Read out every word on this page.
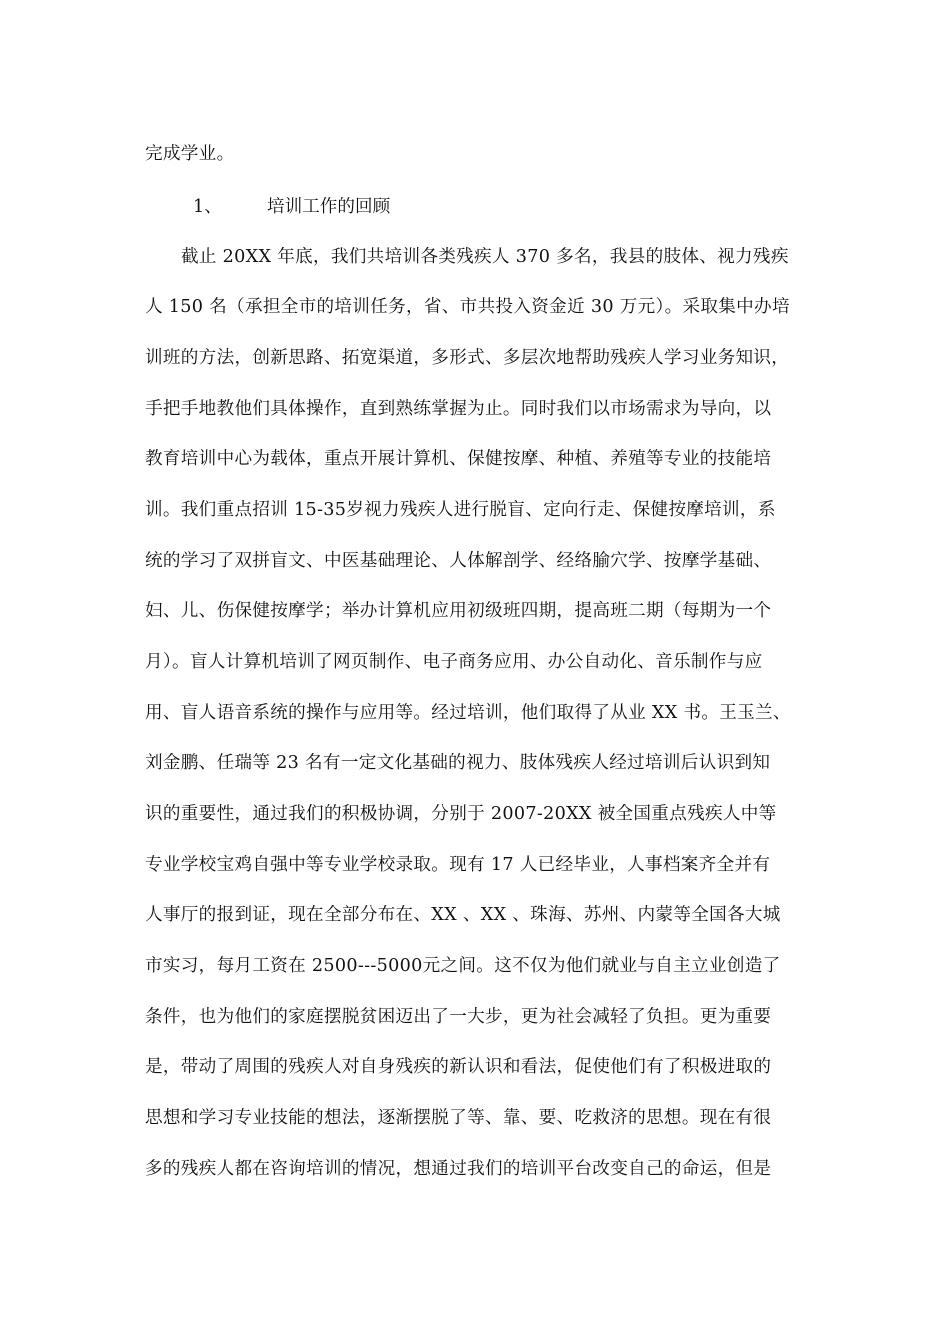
完成学业。
1、	培训工作的回顾
截止 20XX 年底，我们共培训各类残疾人 370 多名，我县的肢体、视力残疾
人 150 名（承担全市的培训任务，省、市共投入资金近 30 万元）。采取集中办培
训班的方法，创新思路、拓宽渠道，多形式、多层次地帮助残疾人学习业务知识，
手把手地教他们具体操作，直到熟练掌握为止。同时我们以市场需求为导向，以
教育培训中心为载体，重点开展计算机、保健按摩、种植、养殖等专业的技能培
训。我们重点招训 15-35岁视力残疾人进行脱盲、定向行走、保健按摩培训，系
统的学习了双拼盲文、中医基础理论、人体解剖学、经络腧穴学、按摩学基础、
妇、儿、伤保健按摩学；举办计算机应用初级班四期，提高班二期（每期为一个
月）。盲人计算机培训了网页制作、电子商务应用、办公自动化、音乐制作与应
用、盲人语音系统的操作与应用等。经过培训，他们取得了从业 XX 书。王玉兰、
刘金鹏、任瑞等 23 名有一定文化基础的视力、肢体残疾人经过培训后认识到知
识的重要性，通过我们的积极协调，分别于 2007-20XX 被全国重点残疾人中等
专业学校宝鸡自强中等专业学校录取。现有 17 人已经毕业，人事档案齐全并有
人事厅的报到证，现在全部分布在、XX 、XX 、珠海、苏州、内蒙等全国各大城
市实习，每月工资在 2500---5000元之间。这不仅为他们就业与自主立业创造了
条件，也为他们的家庭摆脱贫困迈出了一大步，更为社会减轻了负担。更为重要
是，带动了周围的残疾人对自身残疾的新认识和看法，促使他们有了积极进取的
思想和学习专业技能的想法，逐渐摆脱了等、靠、要、吃救济的思想。现在有很
多的残疾人都在咨询培训的情况，想通过我们的培训平台改变自己的命运，但是
